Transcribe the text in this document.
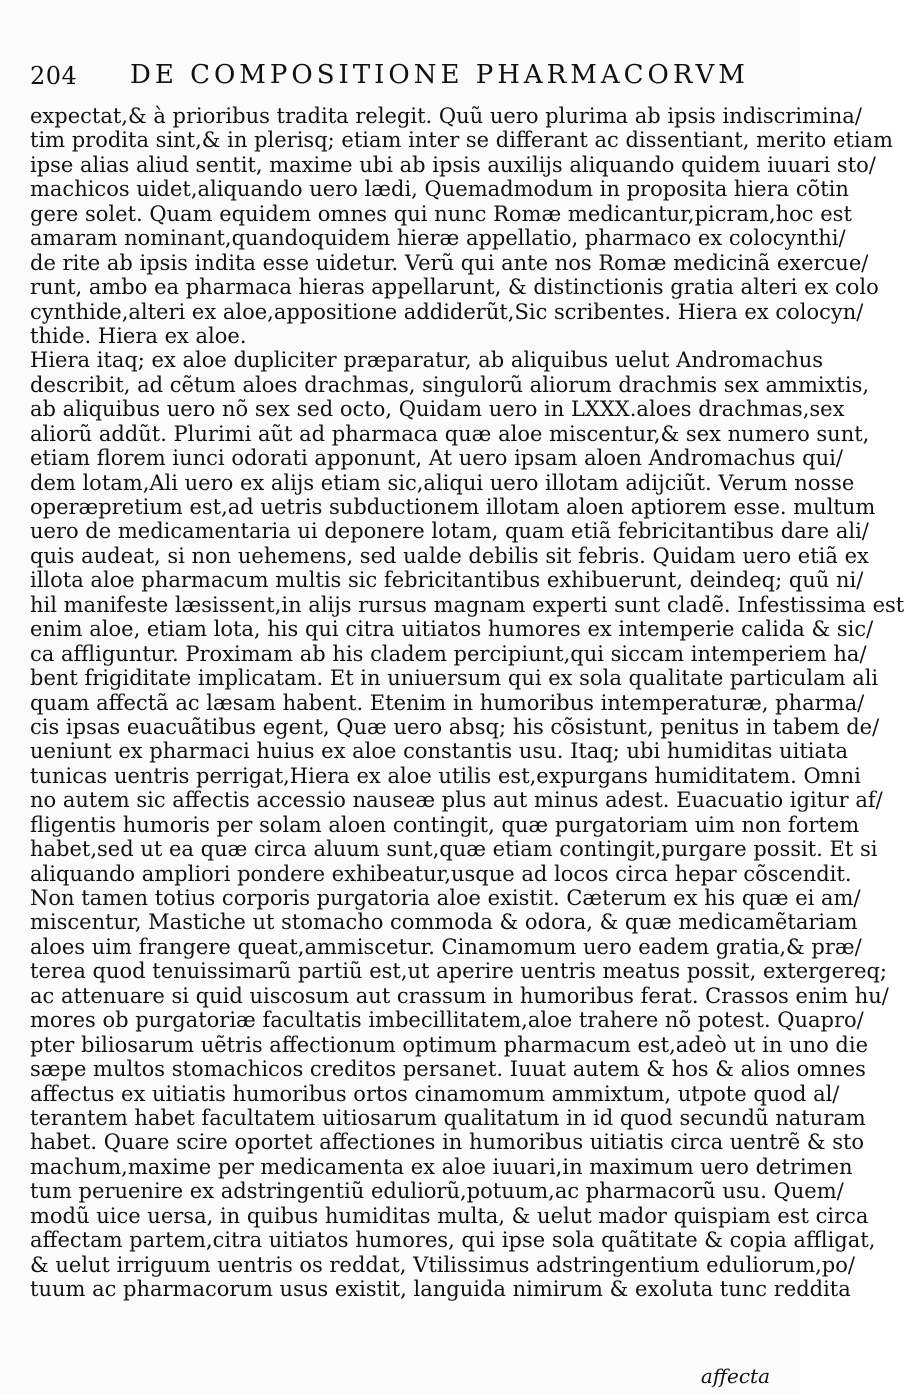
204 DE COMPOSITIONE PHARMACORVM
expectat,& à prioribus tradita relegit. Quũ uero plurima ab ipsis indiscrimina/
tim prodita sint,& in plerisq; etiam inter se differant ac dissentiant, merito etiam
ipse alias aliud sentit, maxime ubi ab ipsis auxilijs aliquando quidem iuuari sto/
machicos uidet,aliquando uero lædi, Quemadmodum in proposita hiera cõtin
gere solet. Quam equidem omnes qui nunc Romæ medicantur,picram,hoc est
amaram nominant,quandoquidem hieræ appellatio, pharmaco ex colocynthi/
de rite ab ipsis indita esse uidetur. Verũ qui ante nos Romæ medicinã exercue/
runt, ambo ea pharmaca hieras appellarunt, & distinctionis gratia alteri ex colo
cynthide,alteri ex aloe,appositione addiderũt,Sic scribentes. Hiera ex colocyn/
thide. Hiera ex aloe.
Hiera itaq; ex aloe dupliciter præparatur, ab aliquibus uelut Andromachus
describit, ad cẽtum aloes drachmas, singulorũ aliorum drachmis sex ammixtis,
ab aliquibus uero nõ sex sed octo, Quidam uero in LXXX.aloes drachmas,sex
aliorũ addũt. Plurimi aũt ad pharmaca quæ aloe miscentur,& sex numero sunt,
etiam florem iunci odorati apponunt, At uero ipsam aloen Andromachus qui/
dem lotam,Ali uero ex alijs etiam sic,aliqui uero illotam adijciũt. Verum nosse
operæpretium est,ad uetris subductionem illotam aloen aptiorem esse. multum
uero de medicamentaria ui deponere lotam, quam etiã febricitantibus dare ali/
quis audeat, si non uehemens, sed ualde debilis sit febris. Quidam uero etiã ex
illota aloe pharmacum multis sic febricitantibus exhibuerunt, deindeq; quũ ni/
hil manifeste læsissent,in alijs rursus magnam experti sunt cladẽ. Infestissima est
enim aloe, etiam lota, his qui citra uitiatos humores ex intemperie calida & sic/
ca affliguntur. Proximam ab his cladem percipiunt,qui siccam intemperiem ha/
bent frigiditate implicatam. Et in uniuersum qui ex sola qualitate particulam ali
quam affectã ac læsam habent. Etenim in humoribus intemperaturæ, pharma/
cis ipsas euacuãtibus egent, Quæ uero absq; his cõsistunt, penitus in tabem de/
ueniunt ex pharmaci huius ex aloe constantis usu. Itaq; ubi humiditas uitiata
tunicas uentris perrigat,Hiera ex aloe utilis est,expurgans humiditatem. Omni
no autem sic affectis accessio nauseæ plus aut minus adest. Euacuatio igitur af/
fligentis humoris per solam aloen contingit, quæ purgatoriam uim non fortem
habet,sed ut ea quæ circa aluum sunt,quæ etiam contingit,purgare possit. Et si
aliquando ampliori pondere exhibeatur,usque ad locos circa hepar cõscendit.
Non tamen totius corporis purgatoria aloe existit. Cæterum ex his quæ ei am/
miscentur, Mastiche ut stomacho commoda & odora, & quæ medicamẽtariam
aloes uim frangere queat,ammiscetur. Cinamomum uero eadem gratia,& præ/
terea quod tenuissimarũ partiũ est,ut aperire uentris meatus possit, extergereq;
ac attenuare si quid uiscosum aut crassum in humoribus ferat. Crassos enim hu/
mores ob purgatoriæ facultatis imbecillitatem,aloe trahere nõ potest. Quapro/
pter biliosarum uẽtris affectionum optimum pharmacum est,adeò ut in uno die
sæpe multos stomachicos creditos persanet. Iuuat autem & hos & alios omnes
affectus ex uitiatis humoribus ortos cinamomum ammixtum, utpote quod al/
terantem habet facultatem uitiosarum qualitatum in id quod secundũ naturam
habet. Quare scire oportet affectiones in humoribus uitiatis circa uentrẽ & sto
machum,maxime per medicamenta ex aloe iuuari,in maximum uero detrimen
tum peruenire ex adstringentiũ eduliorũ,potuum,ac pharmacorũ usu. Quem/
modũ uice uersa, in quibus humiditas multa, & uelut mador quispiam est circa
affectam partem,citra uitiatos humores, qui ipse sola quãtitate & copia affligat,
& uelut irriguum uentris os reddat, Vtilissimus adstringentium eduliorum,po/
tuum ac pharmacorum usus existit, languida nimirum & exoluta tunc reddita
affecta
